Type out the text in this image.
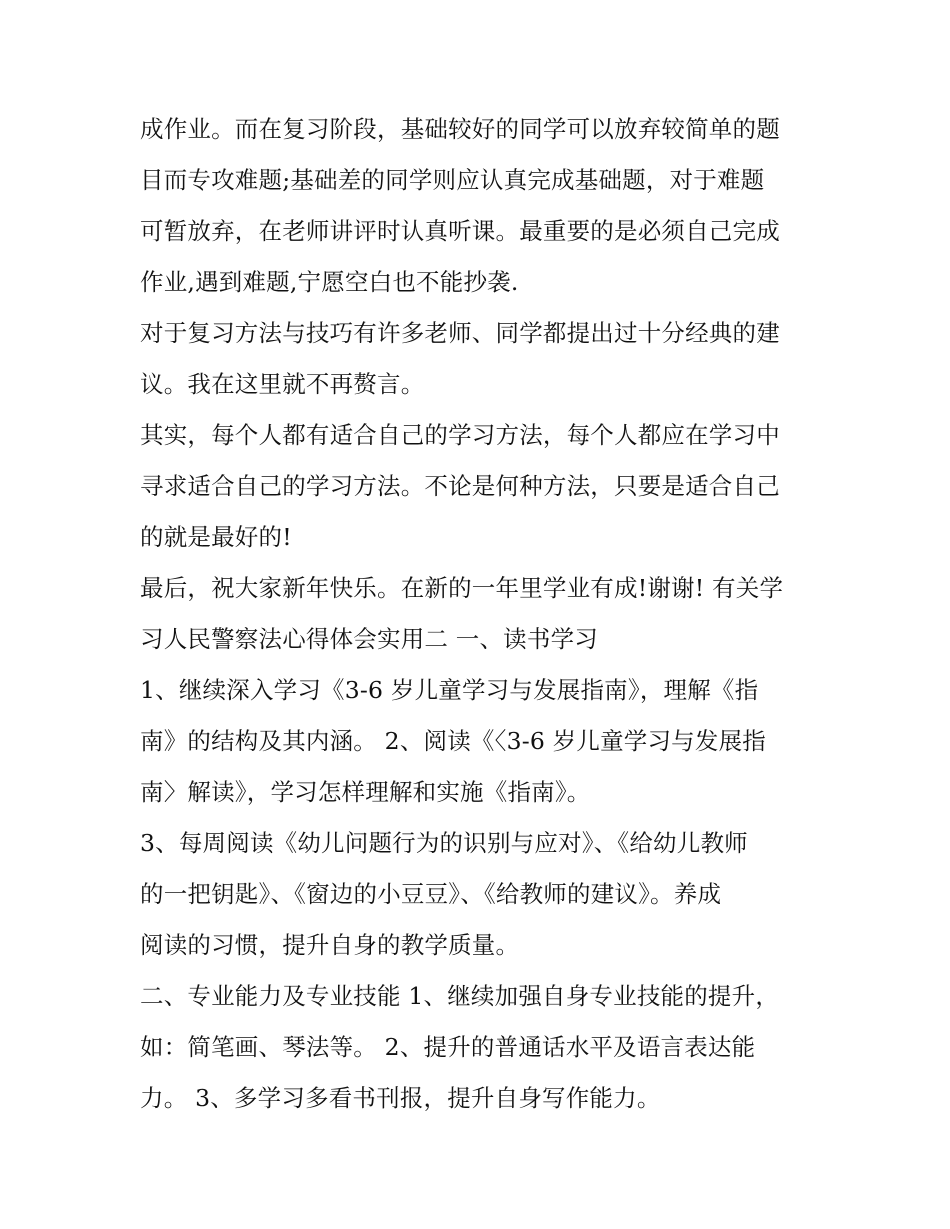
成作业。而在复习阶段，基础较好的同学可以放弃较简单的题
目而专攻难题;基础差的同学则应认真完成基础题，对于难题
可暂放弃，在老师讲评时认真听课。最重要的是必须自己完成
作业,遇到难题,宁愿空白也不能抄袭.
对于复习方法与技巧有许多老师、同学都提出过十分经典的建
议。我在这里就不再赘言。
其实，每个人都有适合自己的学习方法，每个人都应在学习中
寻求适合自己的学习方法。不论是何种方法，只要是适合自己
的就是最好的!
最后，祝大家新年快乐。在新的一年里学业有成!谢谢! 有关学
习人民警察法心得体会实用二 一、读书学习
1、继续深入学习《3-6 岁儿童学习与发展指南》，理解《指
南》的结构及其内涵。 2、阅读《〈3-6 岁儿童学习与发展指
南〉解读》，学习怎样理解和实施《指南》。
3、每周阅读《幼儿问题行为的识别与应对》、《给幼儿教师
的一把钥匙》、《窗边的小豆豆》、《给教师的建议》。养成
阅读的习惯，提升自身的教学质量。
二、专业能力及专业技能 1、继续加强自身专业技能的提升，
如：简笔画、琴法等。 2、提升的普通话水平及语言表达能
力。 3、多学习多看书刊报，提升自身写作能力。
